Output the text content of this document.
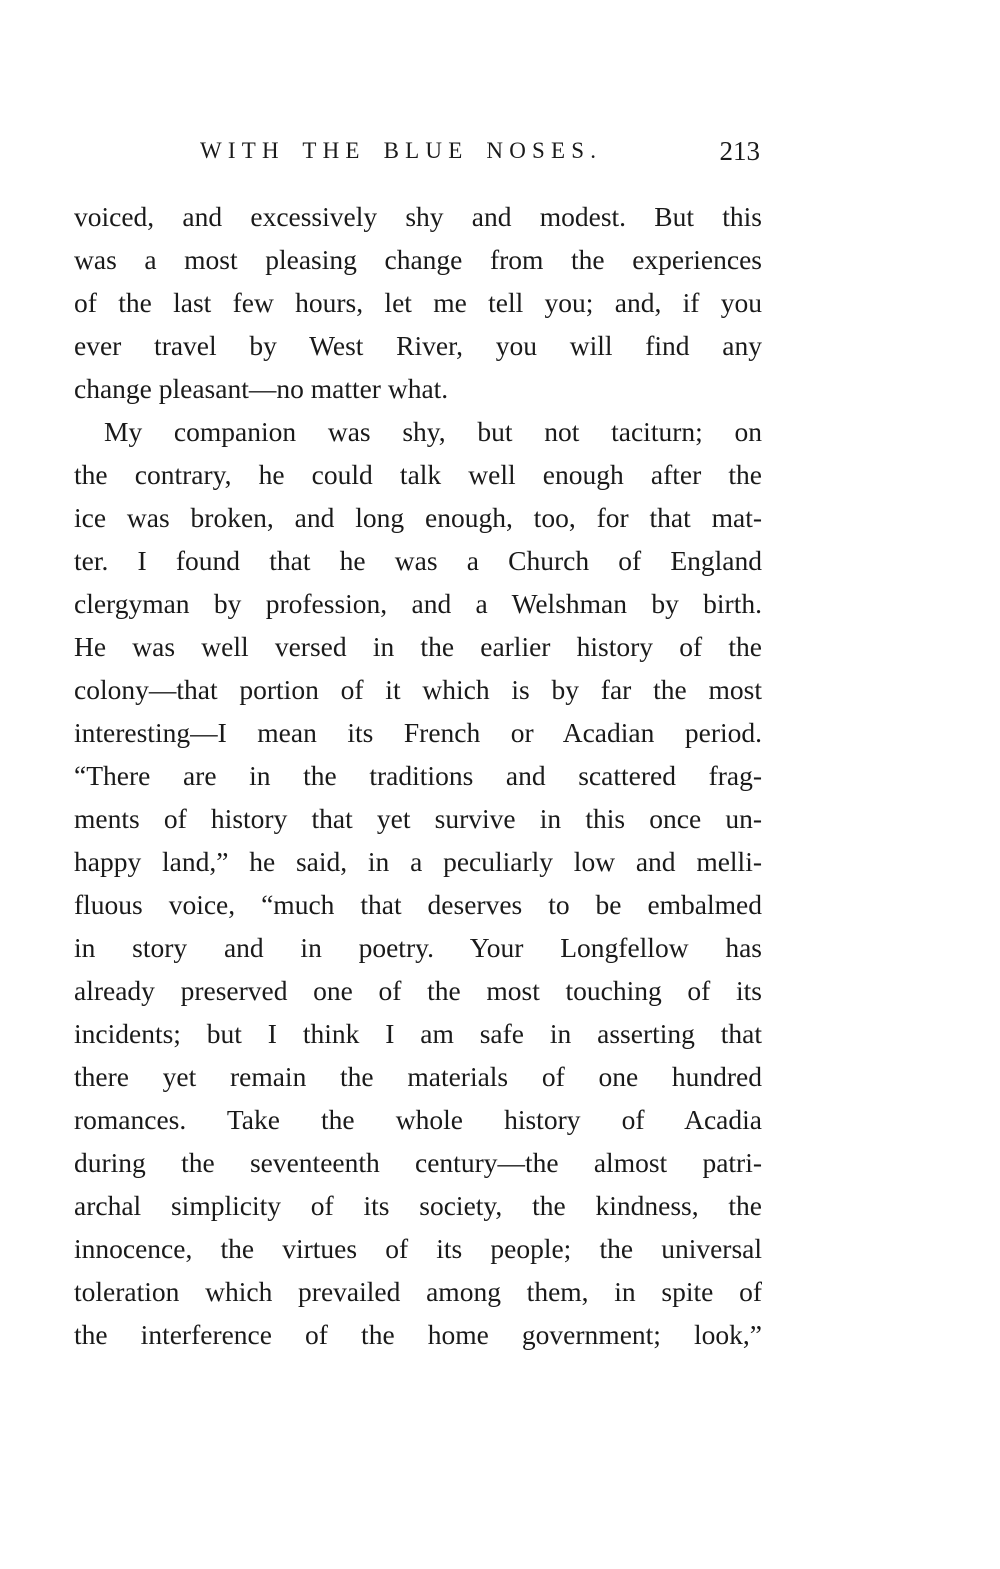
WITH THE BLUE NOSES.	213
voiced, and excessively shy and modest. But this
was a most pleasing change from the experiences
of the last few hours, let me tell you; and, if you
ever travel by West River, you will find any
change pleasant—no matter what.
My companion was shy, but not taciturn; on
the contrary, he could talk well enough after the
ice was broken, and long enough, too, for that mat-
ter. I found that he was a Church of England
clergyman by profession, and a Welshman by birth.
He was well versed in the earlier history of the
colony—that portion of it which is by far the most
interesting—I mean its French or Acadian period.
“There are in the traditions and scattered frag-
ments of history that yet survive in this once un-
happy land,” he said, in a peculiarly low and melli-
fluous voice, “much that deserves to be embalmed
in story and in poetry. Your Longfellow has
already preserved one of the most touching of its
incidents; but I think I am safe in asserting that
there yet remain the materials of one hundred
romances. Take the whole history of Acadia
during the seventeenth century—the almost patri-
archal simplicity of its society, the kindness, the
innocence, the virtues of its people; the universal
toleration which prevailed among them, in spite of
the interference of the home government; look,”
